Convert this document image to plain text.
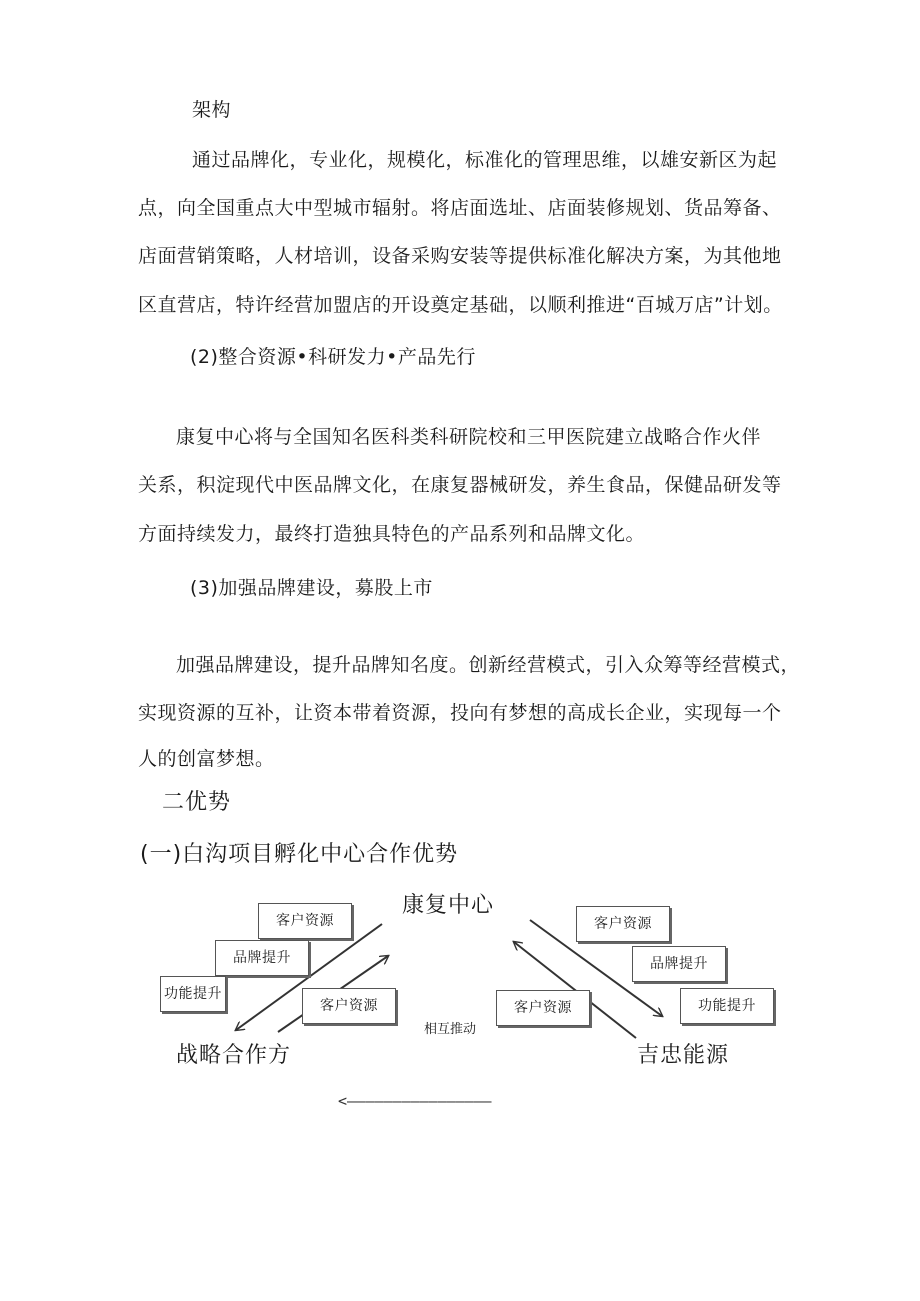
架构
通过品牌化，专业化，规模化，标准化的管理思维，以雄安新区为起
点，向全国重点大中型城市辐射。将店面选址、店面装修规划、货品筹备、
店面营销策略，人材培训，设备采购安装等提供标准化解决方案，为其他地
区直营店，特许经营加盟店的开设奠定基础，以顺利推进“百城万店”计划。
(2)整合资源•科研发力•产品先行
康复中心将与全国知名医科类科研院校和三甲医院建立战略合作火伴
关系，积淀现代中医品牌文化，在康复器械研发，养生食品，保健品研发等
方面持续发力，最终打造独具特色的产品系列和品牌文化。
(3)加强品牌建设，募股上市
加强品牌建设，提升品牌知名度。创新经营模式，引入众筹等经营模式，
实现资源的互补，让资本带着资源，投向有梦想的高成长企业，实现每一个
人的创富梦想。
二优势
(一)白沟项目孵化中心合作优势
康复中心
战略合作方	吉忠能源
客户资源
品牌提升
功能提升
客户资源
客户资源
品牌提升
功能提升
客户资源
相互推动
<————————————————
